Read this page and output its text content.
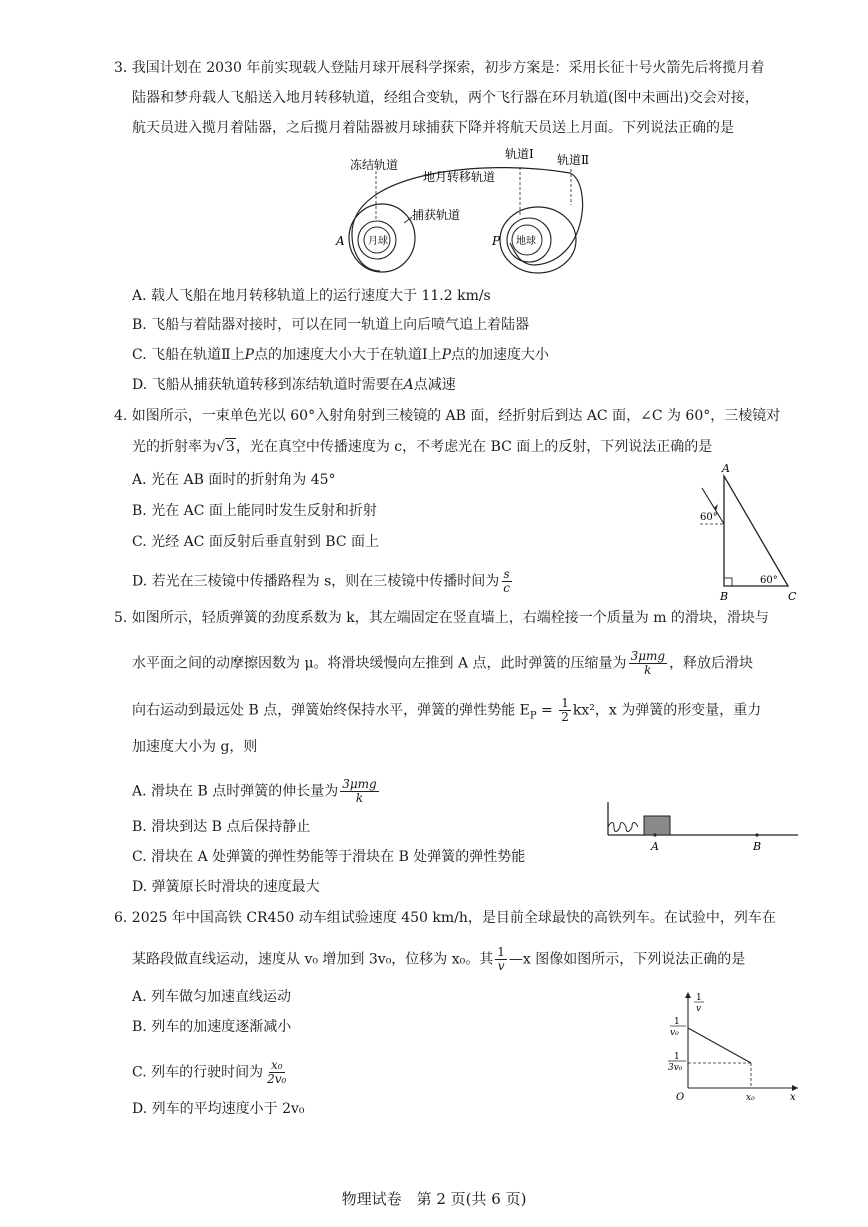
3. 我国计划在 2030 年前实现载人登陆月球开展科学探索，初步方案是：采用长征十号火箭先后将揽月着
陆器和梦舟载人飞船送入地月转移轨道，经组合变轨，两个飞行器在环月轨道(图中未画出)交会对接，
航天员进入揽月着陆器，之后揽月着陆器被月球捕获下降并将航天员送上月面。下列说法正确的是
冻结轨道
轨道Ⅰ 轨道Ⅱ
地月转移轨道
捕获轨道
月球	地球
A	P
A. 载人飞船在地月转移轨道上的运行速度大于 11.2 km/s
B. 飞船与着陆器对接时，可以在同一轨道上向后喷气追上着陆器
C. 飞船在轨道Ⅱ上P点的加速度大小大于在轨道Ⅰ上P点的加速度大小
D. 飞船从捕获轨道转移到冻结轨道时需要在A点减速
4. 如图所示，一束单色光以 60°入射角射到三棱镜的 AB 面，经折射后到达 AC 面，∠C 为 60°，三棱镜对
光的折射率为√3，光在真空中传播速度为 c，不考虑光在 BC 面上的反射，下列说法正确的是
A. 光在 AB 面时的折射角为 45°
B. 光在 AC 面上能同时发生反射和折射
C. 光经 AC 面反射后垂直射到 BC 面上
D. 若光在三棱镜中传播路程为 s，则在三棱镜中传播时间为 $\frac{s}{c}$
A
B	C
60°
60°
5. 如图所示，轻质弹簧的劲度系数为 k，其左端固定在竖直墙上，右端栓接一个质量为 m 的滑块，滑块与
水平面之间的动摩擦因数为 μ。将滑块缓慢向左推到 A 点，此时弹簧的压缩量为 $\frac{\text{3μmg}}{k}$ ，释放后滑块
向右运动到最远处 B 点，弹簧始终保持水平，弹簧的弹性势能 $E_P = \frac{1}{2} kx^2$，x 为弹簧的形变量，重力
加速度大小为 g，则
A. 滑块在 B 点时弹簧的伸长量为 $\frac{\text{3μmg}}{k}$
B. 滑块到达 B 点后保持静止
C. 滑块在 A 处弹簧的弹性势能等于滑块在 B 处弹簧的弹性势能
D. 弹簧原长时滑块的速度最大
A	B
6. 2025 年中国高铁 CR450 动车组试验速度 450 km/h，是目前全球最快的高铁列车。在试验中，列车在
某路段做直线运动，速度从 v₀ 增加到 3v₀，位移为 x₀。其 $\frac{1}{v}$ —x 图像如图所示，下列说法正确的是
A. 列车做匀加速直线运动
B. 列车的加速度逐渐减小
C. 列车的行驶时间为 $\frac{\text{x₀}}{\text{2v₀}}$
D. 列车的平均速度小于 2v₀
1
v
1
v₀
1
3v₀
O	x₀	x
物理试卷　第 2 页(共 6 页)
